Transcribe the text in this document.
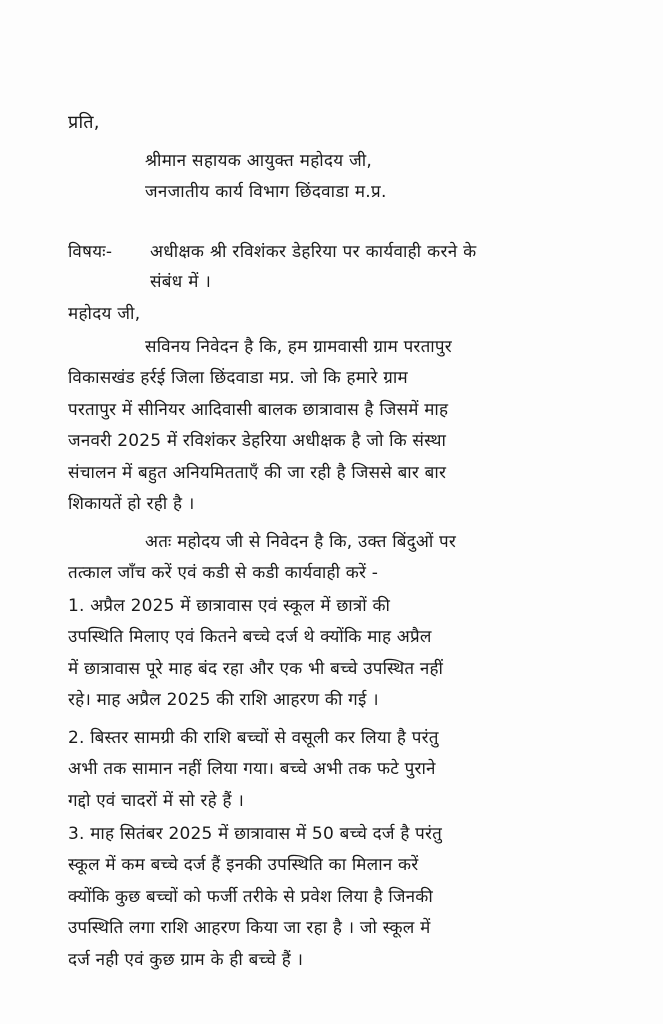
प्रति,
श्रीमान सहायक आयुक्त महोदय जी,
जनजातीय कार्य विभाग छिंदवाडा म.प्र.
विषयः- अधीक्षक श्री रविशंकर डेहरिया पर कार्यवाही करने के
संबंध में ।
महोदय जी,
सविनय निवेदन है कि, हम ग्रामवासी ग्राम परतापुर
विकासखंड हर्रई जिला छिंदवाडा मप्र. जो कि हमारे ग्राम
परतापुर में सीनियर आदिवासी बालक छात्रावास है जिसमें माह
जनवरी 2025 में रविशंकर डेहरिया अधीक्षक है जो कि संस्था
संचालन में बहुत अनियमितताएँ की जा रही है जिससे बार बार
शिकायतें हो रही है ।
अतः महोदय जी से निवेदन है कि, उक्त बिंदुओं पर
तत्काल जाँच करें एवं कडी से कडी कार्यवाही करें -
1. अप्रैल 2025 में छात्रावास एवं स्कूल में छात्रों की
उपस्थिति मिलाए एवं कितने बच्चे दर्ज थे क्योंकि माह अप्रैल
में छात्रावास पूरे माह बंद रहा और एक भी बच्चे उपस्थित नहीं
रहे। माह अप्रैल 2025 की राशि आहरण की गई ।
2. बिस्तर सामग्री की राशि बच्चों से वसूली कर लिया है परंतु
अभी तक सामान नहीं लिया गया। बच्चे अभी तक फटे पुराने
गद्दो एवं चादरों में सो रहे हैं ।
3. माह सितंबर 2025 में छात्रावास में 50 बच्चे दर्ज है परंतु
स्कूल में कम बच्चे दर्ज हैं इनकी उपस्थिति का मिलान करें
क्योंकि कुछ बच्चों को फर्जी तरीके से प्रवेश लिया है जिनकी
उपस्थिति लगा राशि आहरण किया जा रहा है । जो स्कूल में
दर्ज नही एवं कुछ ग्राम के ही बच्चे हैं ।
